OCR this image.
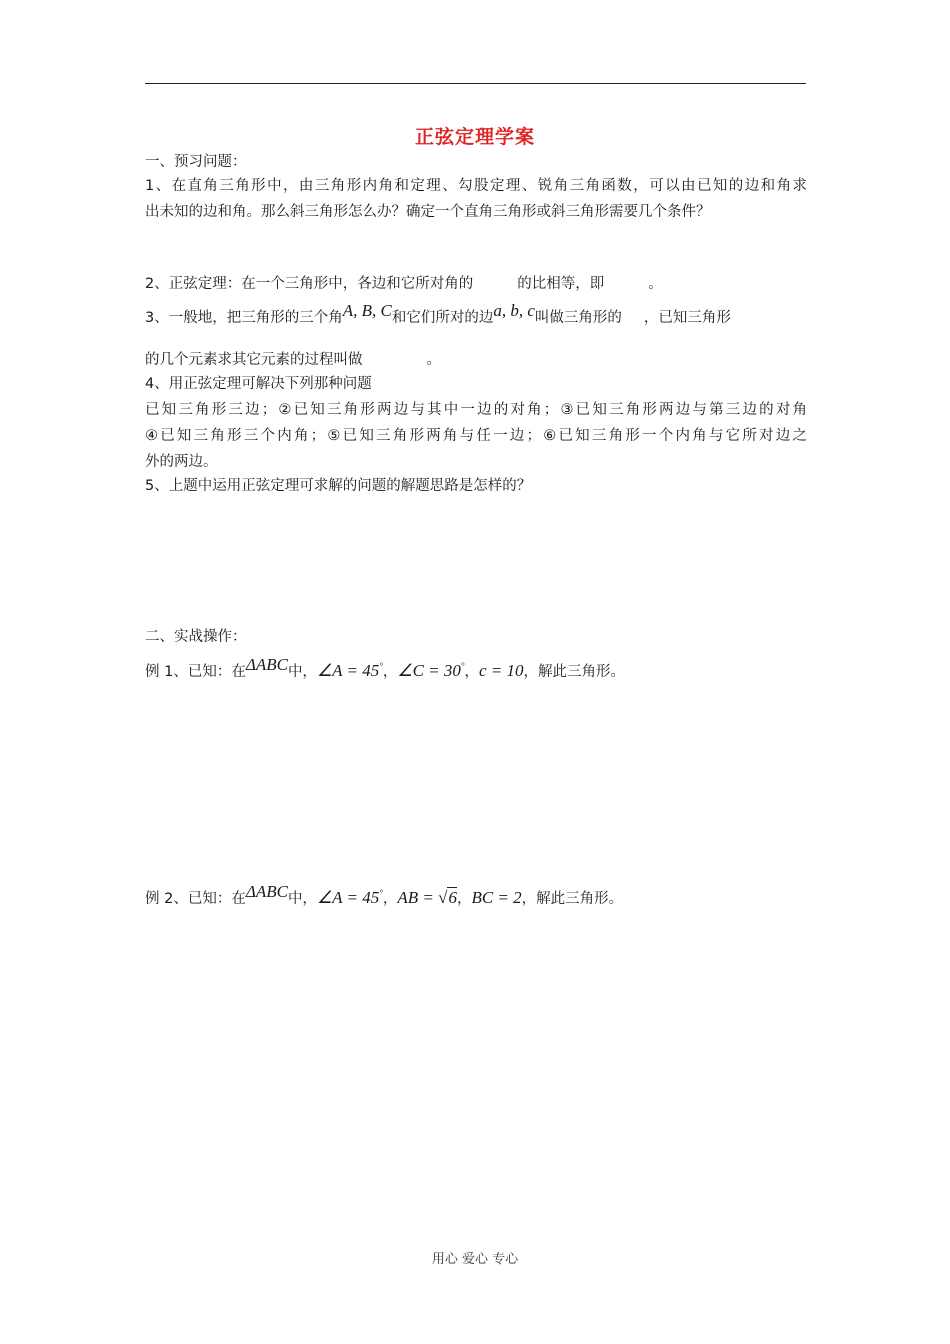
正弦定理学案
一、预习问题：
1、在直角三角形中，由三角形内角和定理、勾股定理、锐角三角函数，可以由已知的边和角求
出未知的边和角。那么斜三角形怎么办？确定一个直角三角形或斜三角形需要几个条件？
2、正弦定理：在一个三角形中，各边和它所对角的	的比相等，即	。
3、一般地，把三角形的三个角A, B, C和它们所对的边a, b, c叫做三角形的 ，已知三角形
的几个元素求其它元素的过程叫做	。
4、用正弦定理可解决下列那种问题
已知三角形三边；②已知三角形两边与其中一边的对角；③已知三角形两边与第三边的对角
④已知三角形三个内角；⑤已知三角形两角与任一边；⑥已知三角形一个内角与它所对边之
外的两边。
5、上题中运用正弦定理可求解的问题的解题思路是怎样的？
二、实战操作：
例 1、已知：在ΔABC中，∠A = 45°，∠C = 30°，c = 10，解此三角形。
例 2、已知：在ΔABC中，∠A = 45°，AB = √6，BC = 2，解此三角形。
用心 爱心 专心
